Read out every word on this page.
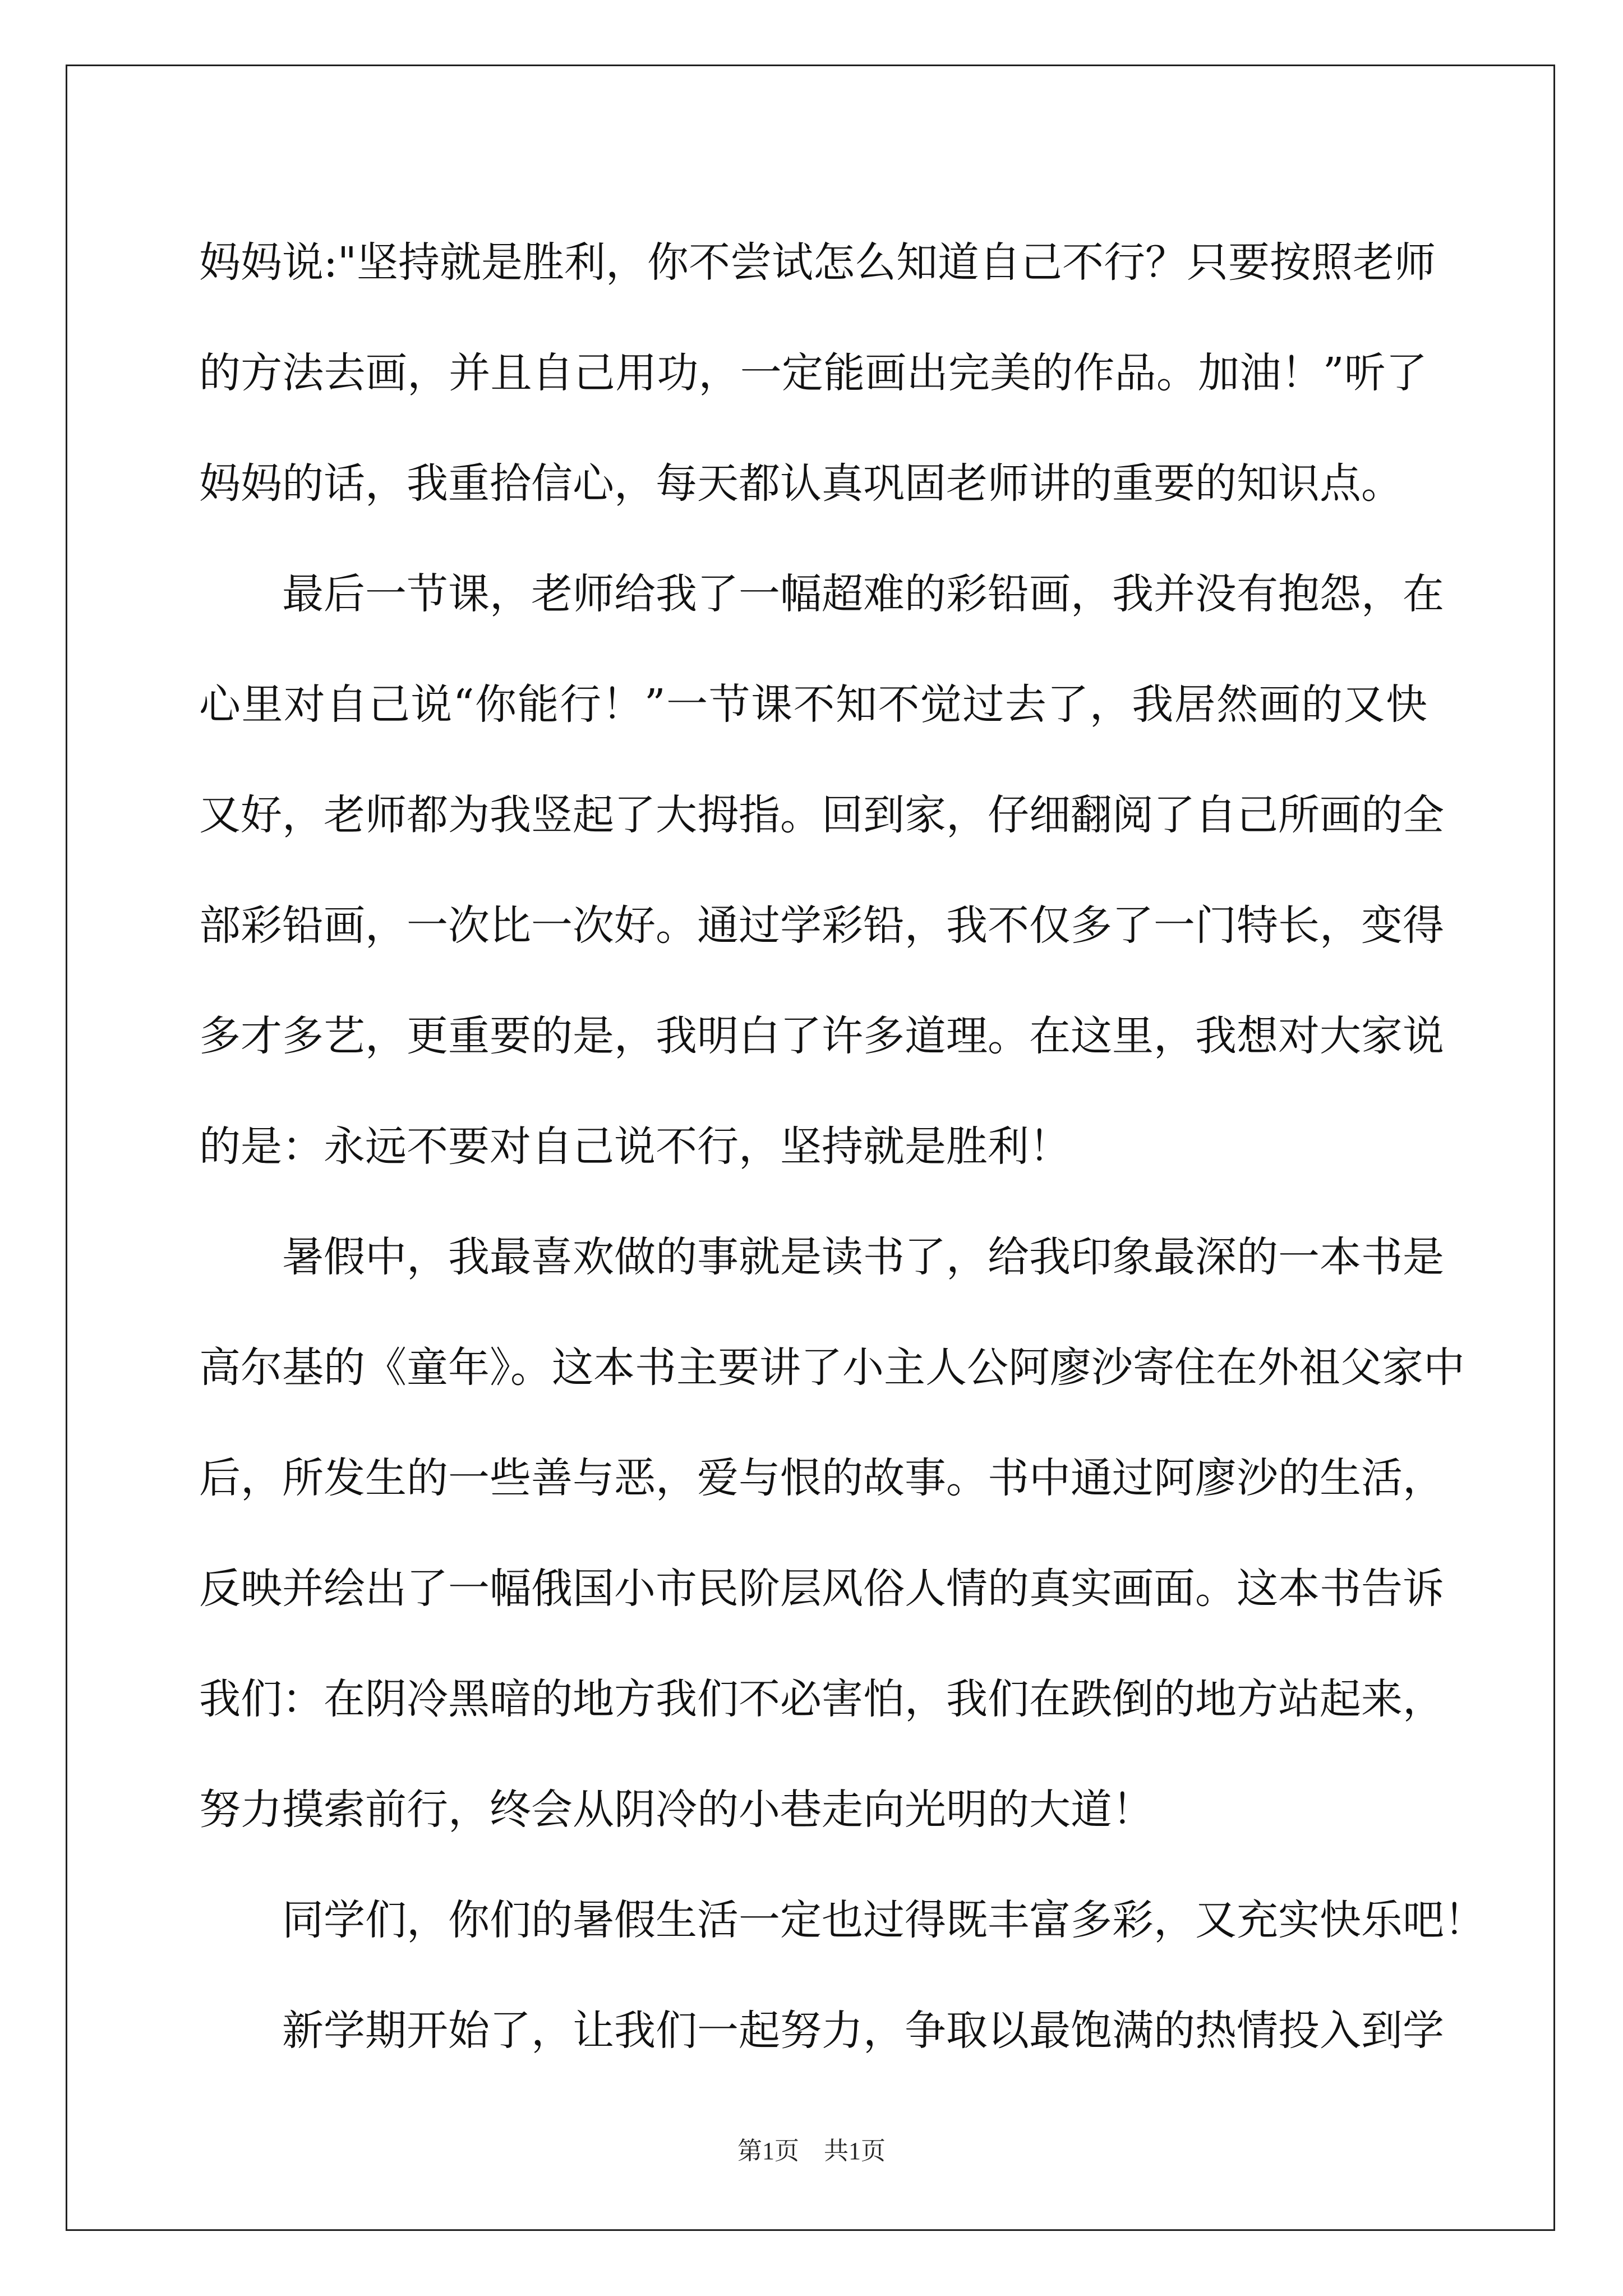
妈妈说:"坚持就是胜利，你不尝试怎么知道自己不行？只要按照老师
的方法去画，并且自己用功，一定能画出完美的作品。加油！”听了
妈妈的话，我重拾信心，每天都认真巩固老师讲的重要的知识点。
最后一节课，老师给我了一幅超难的彩铅画，我并没有抱怨，在
心里对自己说“你能行！”一节课不知不觉过去了，我居然画的又快
又好，老师都为我竖起了大拇指。回到家，仔细翻阅了自己所画的全
部彩铅画，一次比一次好。通过学彩铅，我不仅多了一门特长，变得
多才多艺，更重要的是，我明白了许多道理。在这里，我想对大家说
的是：永远不要对自己说不行，坚持就是胜利！
暑假中，我最喜欢做的事就是读书了，给我印象最深的一本书是
高尔基的《童年》。这本书主要讲了小主人公阿廖沙寄住在外祖父家中
后，所发生的一些善与恶，爱与恨的故事。书中通过阿廖沙的生活，
反映并绘出了一幅俄国小市民阶层风俗人情的真实画面。这本书告诉
我们：在阴冷黑暗的地方我们不必害怕，我们在跌倒的地方站起来，
努力摸索前行，终会从阴冷的小巷走向光明的大道！
同学们，你们的暑假生活一定也过得既丰富多彩，又充实快乐吧！
新学期开始了，让我们一起努力，争取以最饱满的热情投入到学
第1页 共1页
